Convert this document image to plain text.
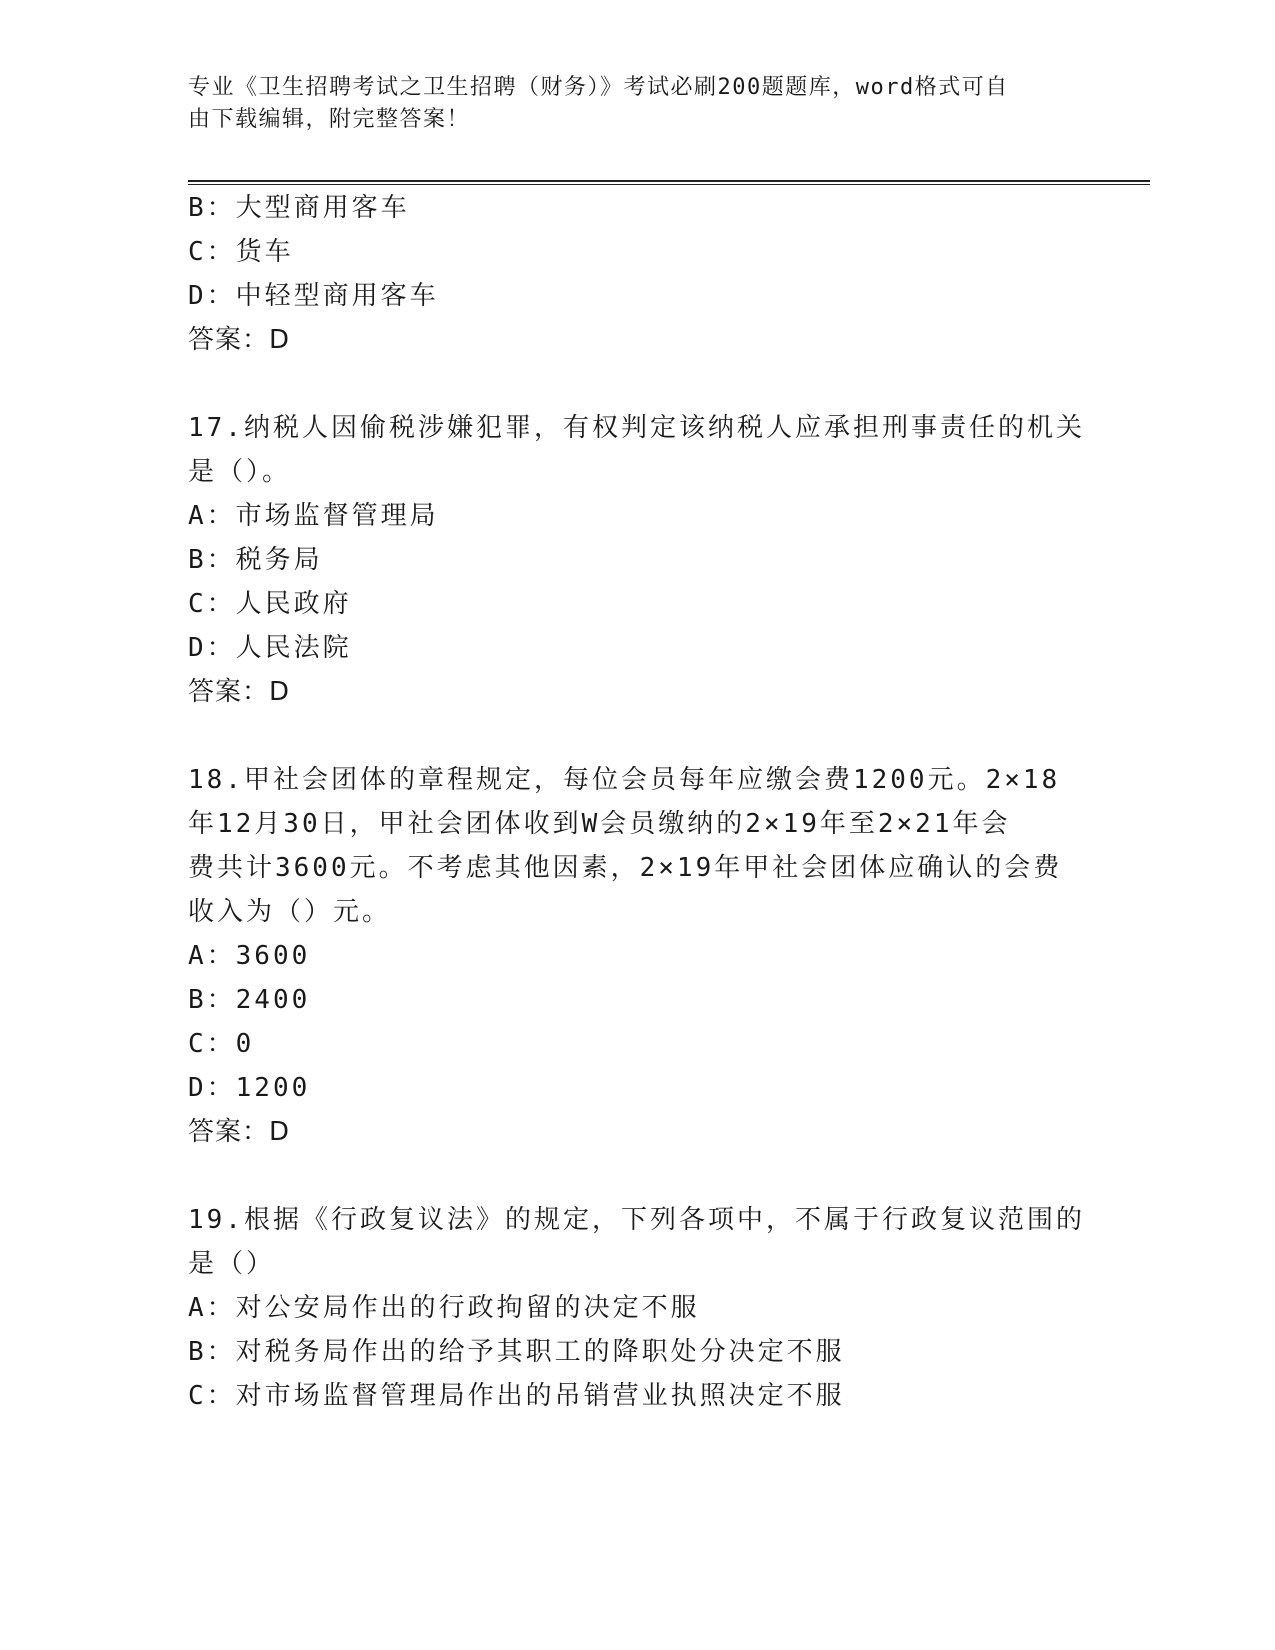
专业《卫生招聘考试之卫生招聘（财务）》考试必刷200题题库，word格式可自
由下载编辑，附完整答案！
B：大型商用客车
C：货车
D：中轻型商用客车
答案：D
17.纳税人因偷税涉嫌犯罪，有权判定该纳税人应承担刑事责任的机关
是（）。
A：市场监督管理局
B：税务局
C：人民政府
D：人民法院
答案：D
18.甲社会团体的章程规定，每位会员每年应缴会费1200元。2×18
年12月30日，甲社会团体收到W会员缴纳的2×19年至2×21年会
费共计3600元。不考虑其他因素，2×19年甲社会团体应确认的会费
收入为（）元。
A：3600
B：2400
C：0
D：1200
答案：D
19.根据《行政复议法》的规定，下列各项中，不属于行政复议范围的
是（）
A：对公安局作出的行政拘留的决定不服
B：对税务局作出的给予其职工的降职处分决定不服
C：对市场监督管理局作出的吊销营业执照决定不服
